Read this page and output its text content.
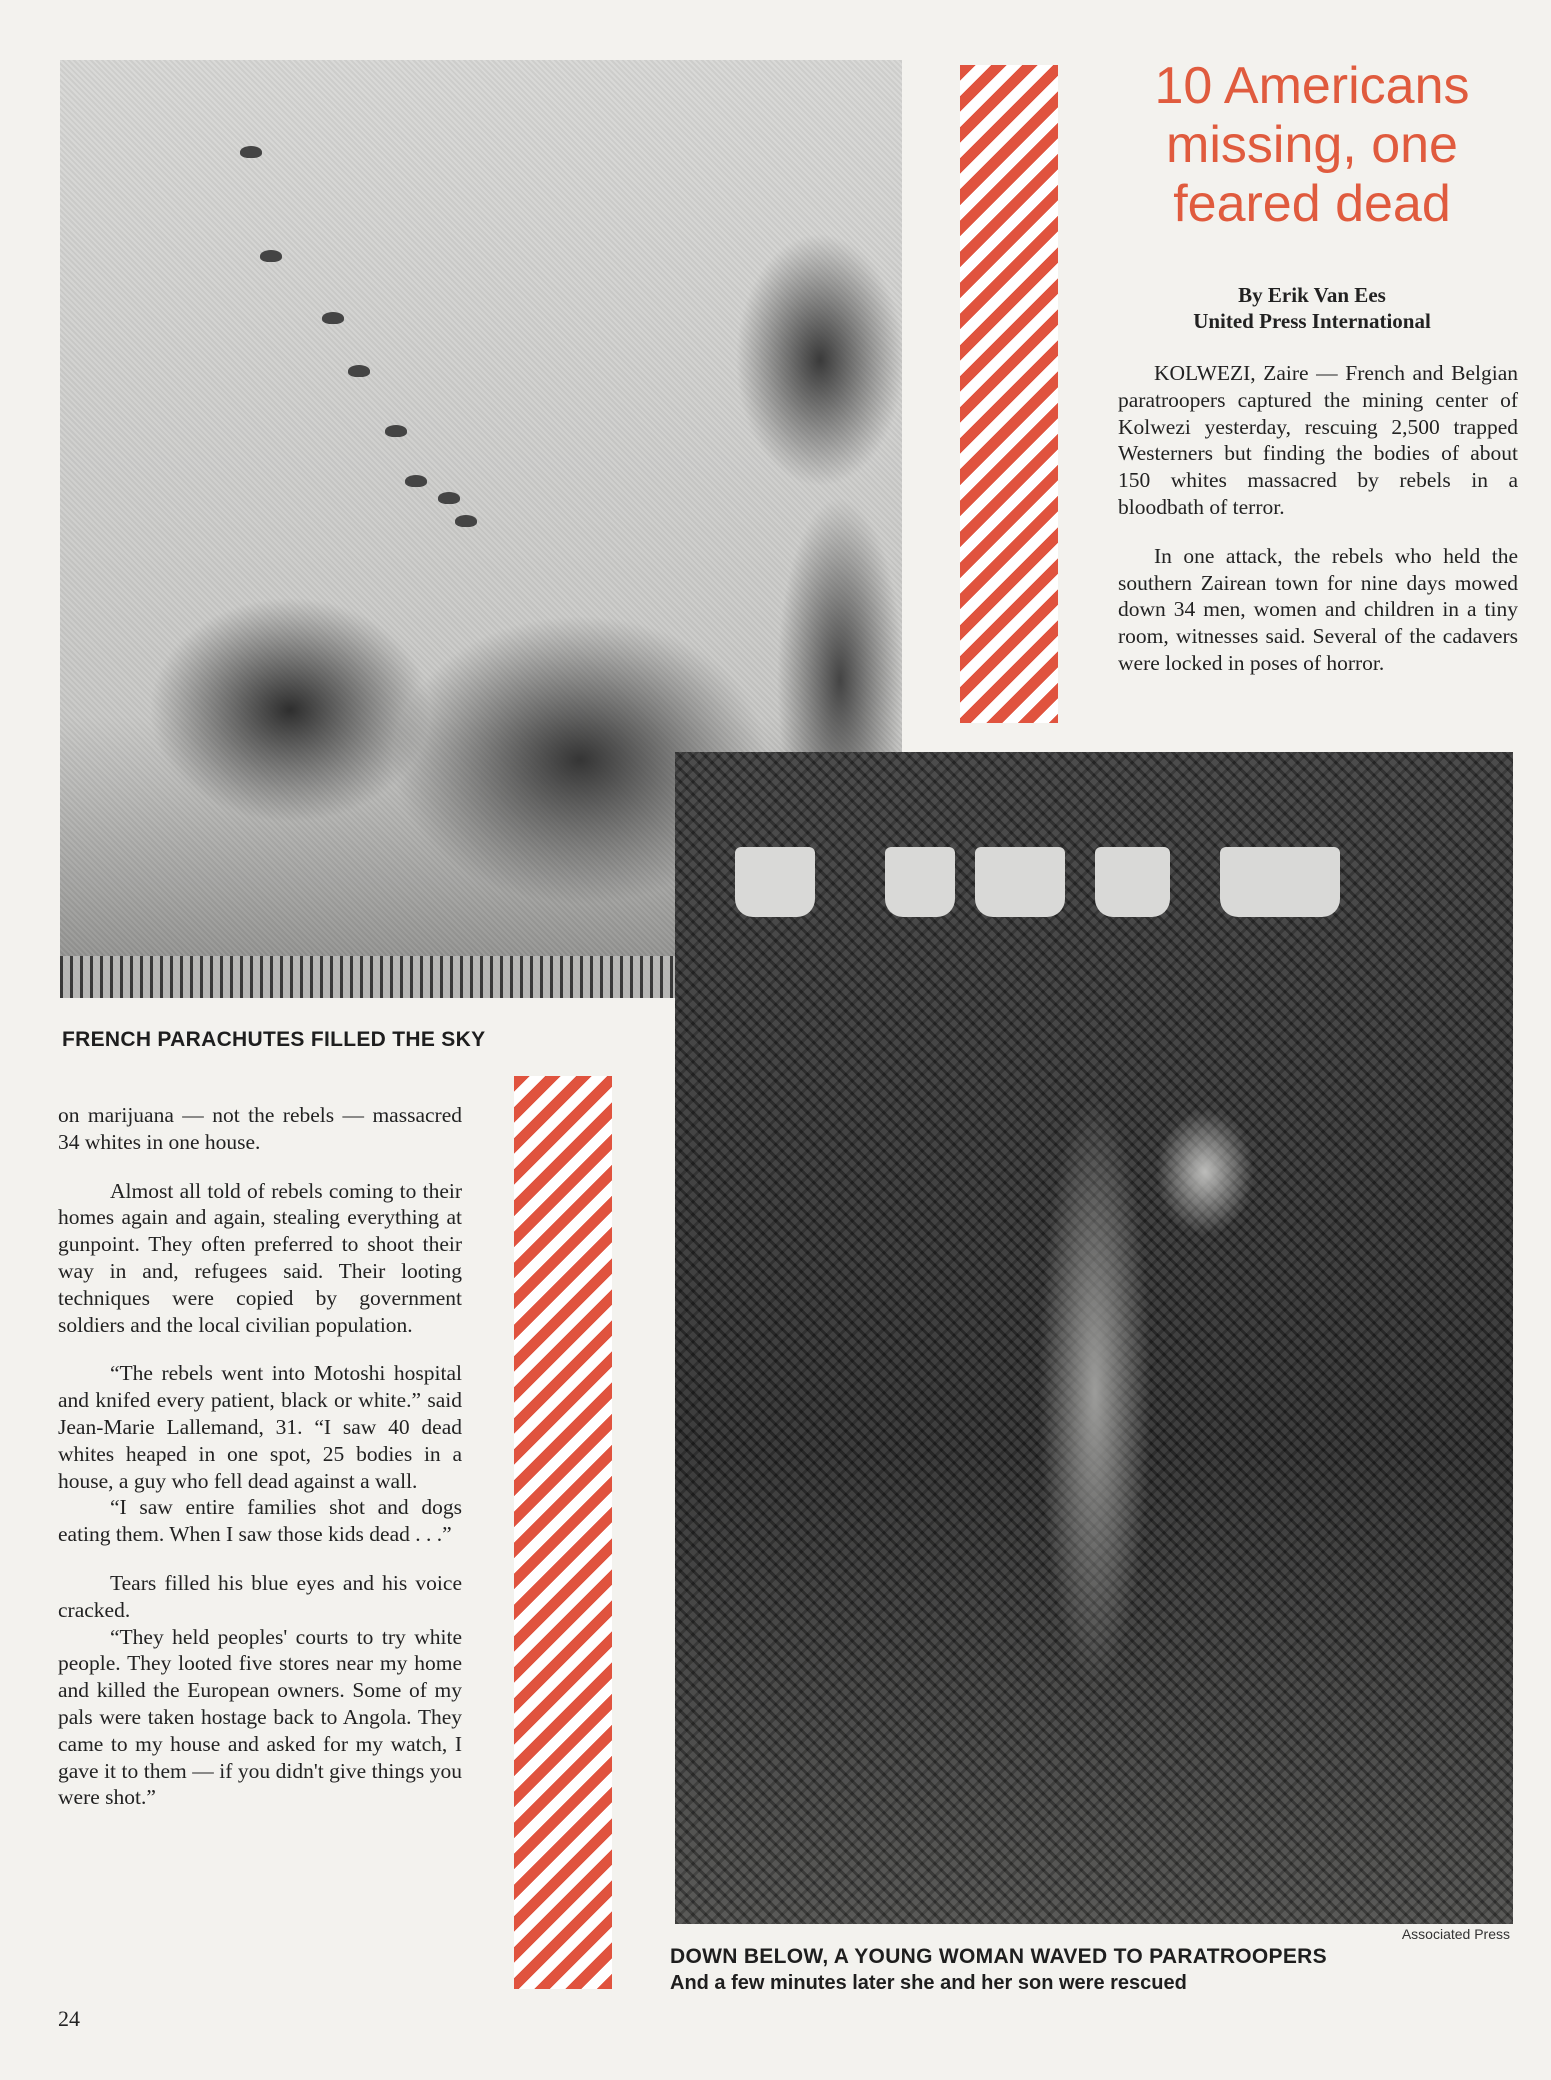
10 Americans
missing, one
feared dead
By Erik Van Ees
United Press International

KOLWEZI, Zaire — French and Belgian paratroopers captured the mining center of Kolwezi yesterday, rescuing 2,500 trapped Westerners but finding the bodies of about 150 whites massacred by rebels in a bloodbath of terror.

In one attack, the rebels who held the southern Zairean town for nine days mowed down 34 men, women and children in a tiny room, witnesses said. Several of the cadavers were locked in poses of horror.

FRENCH PARACHUTES FILLED THE SKY

on marijuana — not the rebels — massacred 34 whites in one house.

Almost all told of rebels coming to their homes again and again, stealing everything at gunpoint. They often preferred to shoot their way in and, refugees said. Their looting techniques were copied by government soldiers and the local civilian population.

“The rebels went into Motoshi hospital and knifed every patient, black or white.” said Jean-Marie Lallemand, 31. “I saw 40 dead whites heaped in one spot, 25 bodies in a house, a guy who fell dead against a wall.

“I saw entire families shot and dogs eating them. When I saw those kids dead . . .”

Tears filled his blue eyes and his voice cracked.

“They held peoples' courts to try white people. They looted five stores near my home and killed the European owners. Some of my pals were taken hostage back to Angola. They came to my house and asked for my watch, I gave it to them — if you didn't give things you were shot.”

Associated Press
DOWN BELOW, A YOUNG WOMAN WAVED TO PARATROOPERS
And a few minutes later she and her son were rescued
24
